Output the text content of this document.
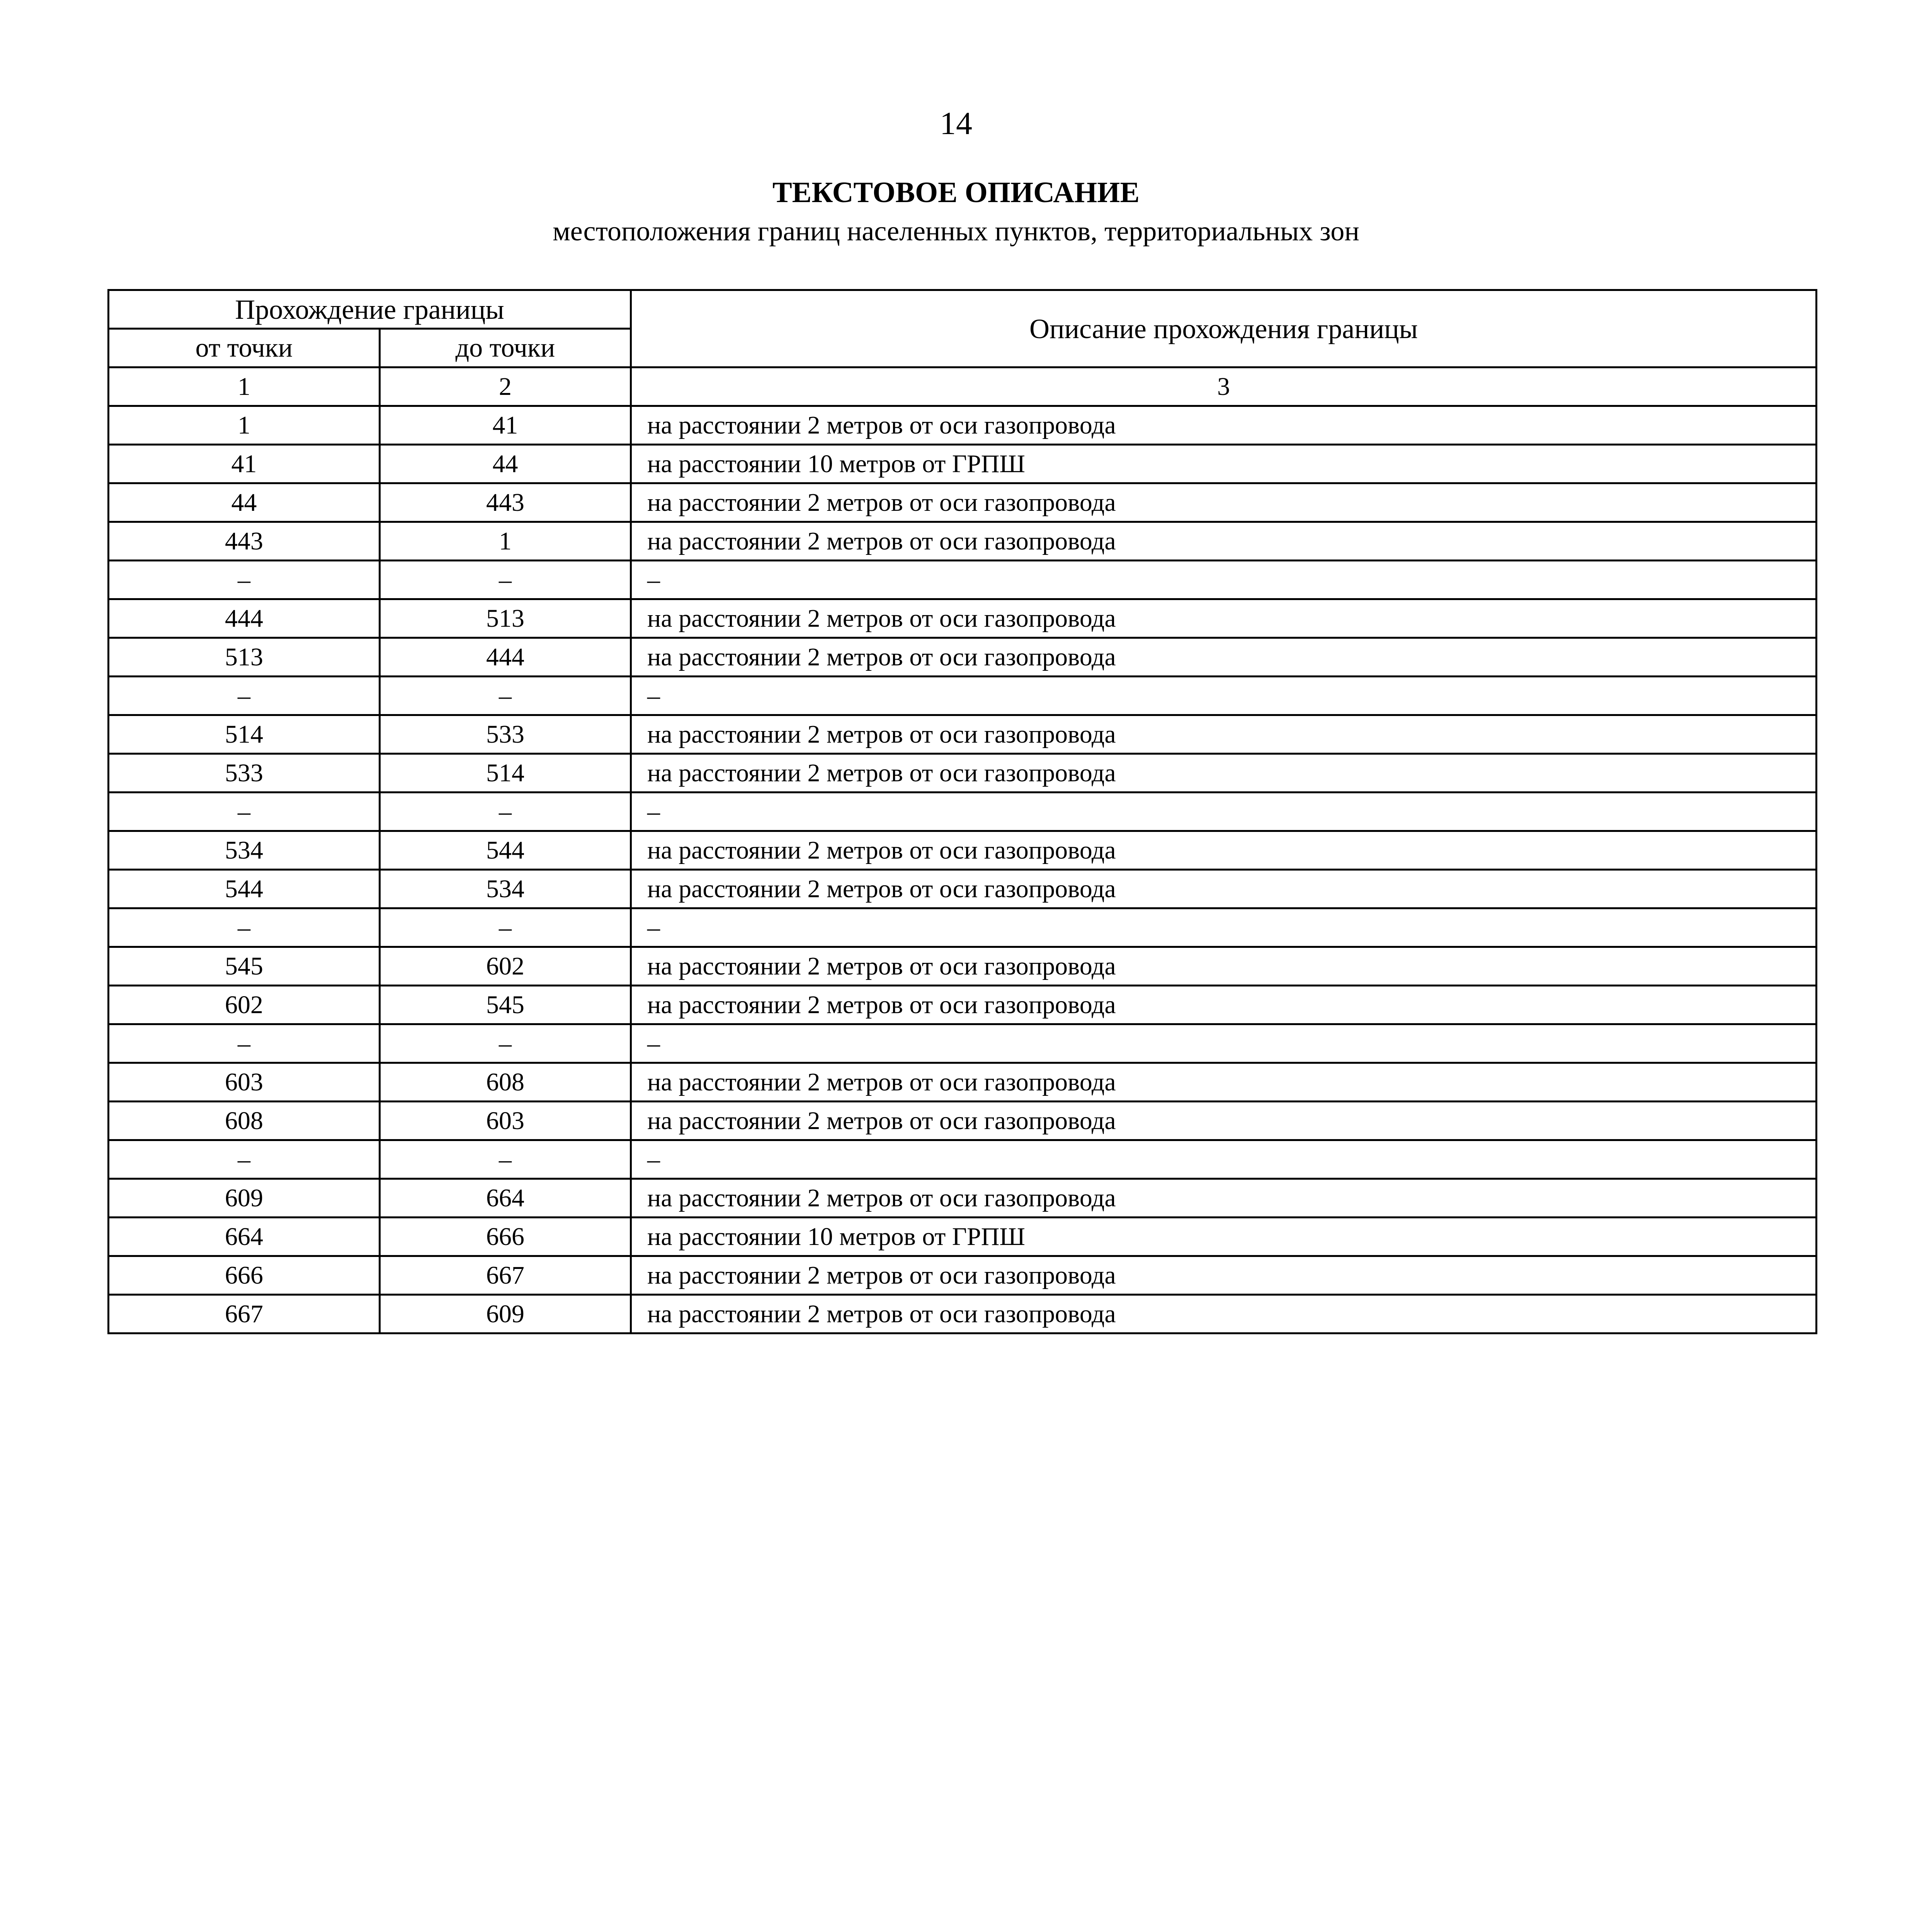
14
ТЕКСТОВОЕ ОПИСАНИЕ
местоположения границ населенных пунктов, территориальных зон
Прохождение границы		Описание прохождения границы
от точки	до точки	
1	2	3
1	41	на расстоянии 2 метров от оси газопровода
41	44	на расстоянии 10 метров от ГРПШ
44	443	на расстоянии 2 метров от оси газопровода
443	1	на расстоянии 2 метров от оси газопровода
–	–	–
444	513	на расстоянии 2 метров от оси газопровода
513	444	на расстоянии 2 метров от оси газопровода
–	–	–
514	533	на расстоянии 2 метров от оси газопровода
533	514	на расстоянии 2 метров от оси газопровода
–	–	–
534	544	на расстоянии 2 метров от оси газопровода
544	534	на расстоянии 2 метров от оси газопровода
–	–	–
545	602	на расстоянии 2 метров от оси газопровода
602	545	на расстоянии 2 метров от оси газопровода
–	–	–
603	608	на расстоянии 2 метров от оси газопровода
608	603	на расстоянии 2 метров от оси газопровода
–	–	–
609	664	на расстоянии 2 метров от оси газопровода
664	666	на расстоянии 10 метров от ГРПШ
666	667	на расстоянии 2 метров от оси газопровода
667	609	на расстоянии 2 метров от оси газопровода
